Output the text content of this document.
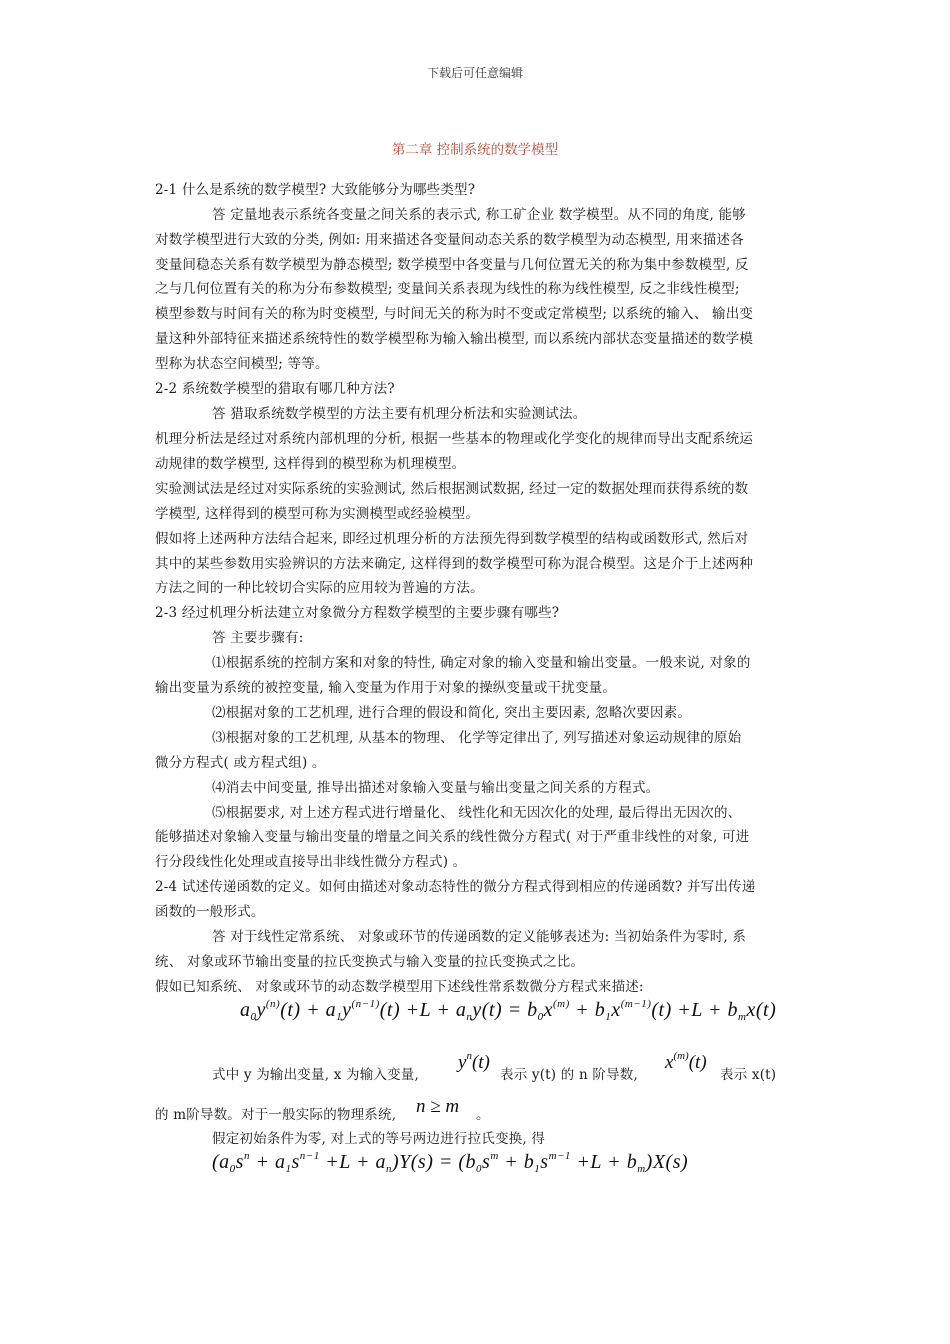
下载后可任意编辑
第二章 控制系统的数学模型
2-1 什么是系统的数学模型? 大致能够分为哪些类型?
答 定量地表示系统各变量之间关系的表示式, 称工矿企业 数学模型。从不同的角度, 能够
对数学模型进行大致的分类, 例如: 用来描述各变量间动态关系的数学模型为动态模型, 用来描述各
变量间稳态关系有数学模型为静态模型; 数学模型中各变量与几何位置无关的称为集中参数模型, 反
之与几何位置有关的称为分布参数模型; 变量间关系表现为线性的称为线性模型, 反之非线性模型;
模型参数与时间有关的称为时变模型, 与时间无关的称为时不变或定常模型; 以系统的输入、 输出变
量这种外部特征来描述系统特性的数学模型称为输入输出模型, 而以系统内部状态变量描述的数学模
型称为状态空间模型; 等等。
2-2 系统数学模型的猎取有哪几种方法?
答 猎取系统数学模型的方法主要有机理分析法和实验测试法。
机理分析法是经过对系统内部机理的分析, 根据一些基本的物理或化学变化的规律而导出支配系统运
动规律的数学模型, 这样得到的模型称为机理模型。
实验测试法是经过对实际系统的实验测试, 然后根据测试数据, 经过一定的数据处理而获得系统的数
学模型, 这样得到的模型可称为实测模型或经验模型。
假如将上述两种方法结合起来, 即经过机理分析的方法预先得到数学模型的结构或函数形式, 然后对
其中的某些参数用实验辨识的方法来确定, 这样得到的数学模型可称为混合模型。这是介于上述两种
方法之间的一种比较切合实际的应用较为普遍的方法。
2-3 经过机理分析法建立对象微分方程数学模型的主要步骤有哪些?
答 主要步骤有:
⑴根据系统的控制方案和对象的特性, 确定对象的输入变量和输出变量。一般来说, 对象的
输出变量为系统的被控变量, 输入变量为作用于对象的操纵变量或干扰变量。
⑵根据对象的工艺机理, 进行合理的假设和简化, 突出主要因素, 忽略次要因素。
⑶根据对象的工艺机理, 从基本的物理、 化学等定律出了, 列写描述对象运动规律的原始
微分方程式( 或方程式组) 。
⑷消去中间变量, 推导出描述对象输入变量与输出变量之间关系的方程式。
⑸根据要求, 对上述方程式进行增量化、 线性化和无因次化的处理, 最后得出无因次的、
能够描述对象输入变量与输出变量的增量之间关系的线性微分方程式( 对于严重非线性的对象, 可进
行分段线性化处理或直接导出非线性微分方程式) 。
2-4 试述传递函数的定义。如何由描述对象动态特性的微分方程式得到相应的传递函数? 并写出传递
函数的一般形式。
答 对于线性定常系统、 对象或环节的传递函数的定义能够表述为: 当初始条件为零时, 系
统、 对象或环节输出变量的拉氏变换式与输入变量的拉氏变换式之比。
假如已知系统、 对象或环节的动态数学模型用下述线性常系数微分方程式来描述:
$a_0y^{(n)}(t) + a_1y^{(n-1)}(t) +L + a_ny(t) = b_0x^{(m)} + b_1x^{(m-1)}(t) +L + b_mx(t)$
式中 y 为输出变量, x 为输入变量,
$y^n(t)$
表示 y(t) 的 n 阶导数,
$x^{(m)}(t)$
表示 x(t)
的 m阶导数。对于一般实际的物理系统, n ≥ m 。
假定初始条件为零, 对上式的等号两边进行拉氏变换, 得
$(a_0s^n + a_1s^{n-1} +L + a_n)Y(s) = (b_0s^m + b_1s^{m-1} +L + b_m)X(s)$
